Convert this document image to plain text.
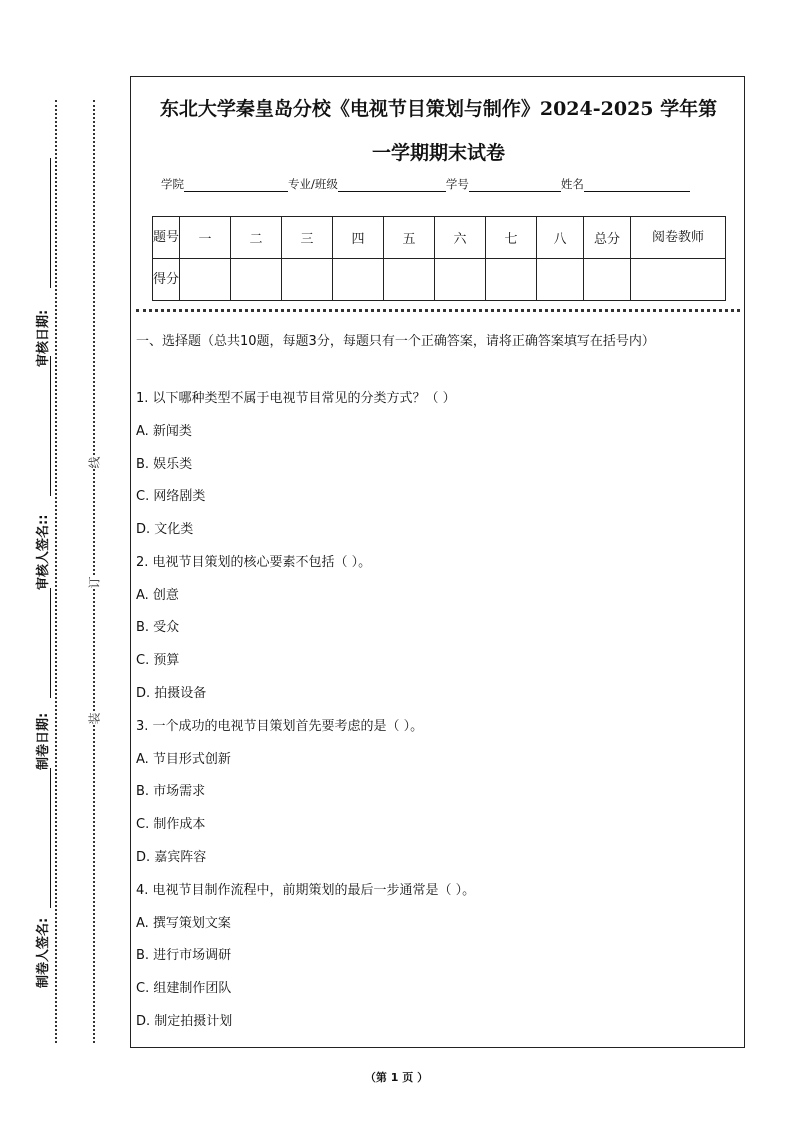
审核日期:
审核人签名::
制卷日期:
制卷人签名:
线
订
装
东北大学秦皇岛分校《电视节目策划与制作》2024-2025 学年第
一学期期末试卷
学院	专业/班级	学号	姓名
题号	一	二	三	四	五	六	七	八	总分	阅卷教师
得分										
一、选择题（总共10题，每题3分，每题只有一个正确答案，请将正确答案填写在括号内）
1. 以下哪种类型不属于电视节目常见的分类方式？（ ）
A. 新闻类
B. 娱乐类
C. 网络剧类
D. 文化类
2. 电视节目策划的核心要素不包括（ ）。
A. 创意
B. 受众
C. 预算
D. 拍摄设备
3. 一个成功的电视节目策划首先要考虑的是（ ）。
A. 节目形式创新
B. 市场需求
C. 制作成本
D. 嘉宾阵容
4. 电视节目制作流程中，前期策划的最后一步通常是（ ）。
A. 撰写策划文案
B. 进行市场调研
C. 组建制作团队
D. 制定拍摄计划
（第 1 页 ）
